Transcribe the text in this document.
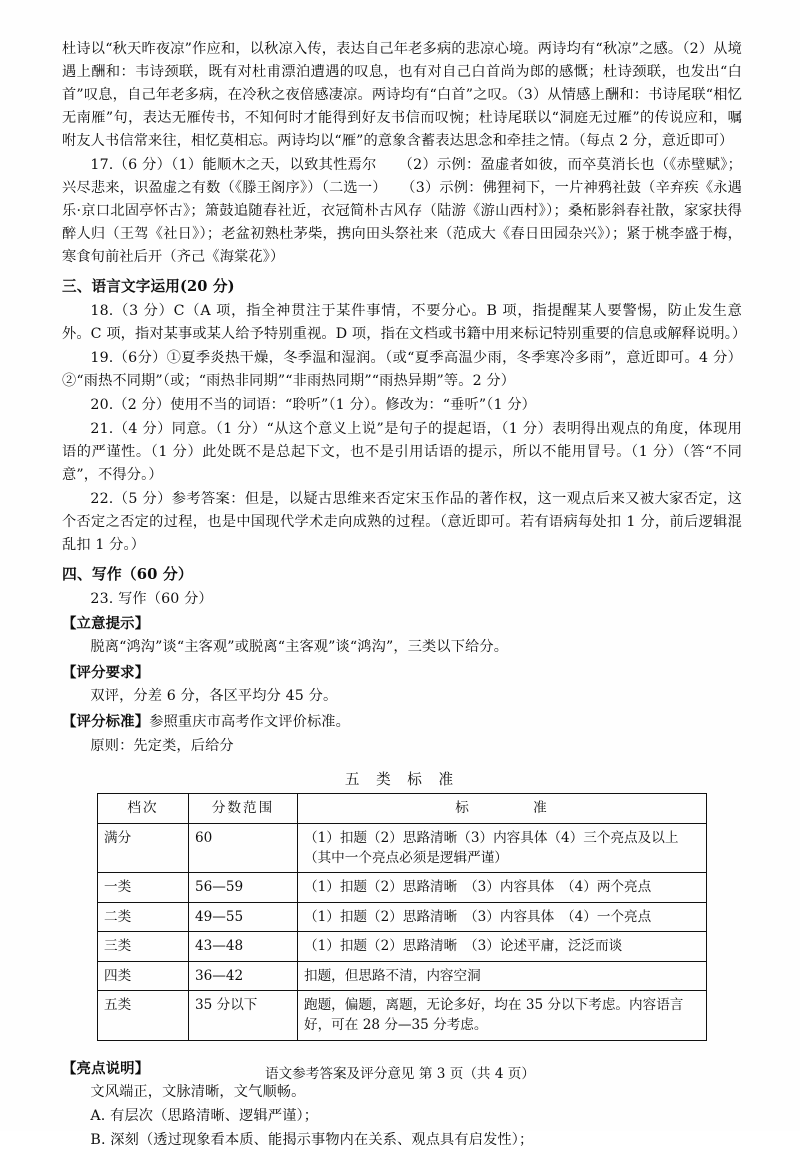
杜诗以“秋天昨夜凉”作应和，以秋凉入传，表达自己年老多病的悲凉心境。两诗均有“秋凉”之感。（2）从境遇上酬和：韦诗颈联，既有对杜甫漂泊遭遇的叹息，也有对自己白首尚为郎的感慨；杜诗颈联，也发出“白首”叹息，自己年老多病，在冷秋之夜倍感凄凉。两诗均有“白首”之叹。（3）从情感上酬和：书诗尾联“相忆无南雁”句，表达无雁传书，不知何时才能得到好友书信而叹惋；杜诗尾联以“洞庭无过雁”的传说应和，嘱咐友人书信常来往，相忆莫相忘。两诗均以“雁”的意象含蓄表达思念和牵挂之情。（每点 2 分，意近即可）

17.（6 分）（1）能顺木之天，以致其性焉尔　　（2）示例：盈虚者如彼，而卒莫消长也（《赤壁赋》；兴尽悲来，识盈虚之有数（《滕王阁序》）（二选一）　　（3）示例：佛狸祠下，一片神鸦社鼓（辛弃疾《永遇乐·京口北固亭怀古》；箫鼓追随春社近，衣冠简朴古风存（陆游《游山西村》）；桑柘影斜春社散，家家扶得醉人归（王驾《社日》）；老盆初熟杜茅柴，携向田头祭社来（范成大《春日田园杂兴》）；紧于桃李盛于梅，寒食旬前社后开（齐己《海棠花》）

三、语言文字运用(20 分)

18.（3 分）C（A 项，指全神贯注于某件事情，不要分心。B 项，指提醒某人要警惕，防止发生意外。C 项，指对某事或某人给予特别重视。D 项，指在文档或书籍中用来标记特别重要的信息或解释说明。）

19.（6分）①夏季炎热干燥，冬季温和湿润。（或“夏季高温少雨，冬季寒冷多雨”，意近即可。4 分）②“雨热不同期”（或；“雨热非同期”“非雨热同期”“雨热异期”等。2 分）

20.（2 分）使用不当的词语：“聆听”（1 分）。修改为：“垂听”（1 分）

21.（4 分）同意。（1 分）“从这个意义上说”是句子的提起语，（1 分）表明得出观点的角度，体现用语的严谨性。（1 分）此处既不是总起下文，也不是引用话语的提示，所以不能用冒号。（1 分）（答“不同意”，不得分。）

22.（5 分）参考答案：但是，以疑古思维来否定宋玉作品的著作权，这一观点后来又被大家否定，这个否定之否定的过程，也是中国现代学术走向成熟的过程。（意近即可。若有语病每处扣 1 分，前后逻辑混乱扣 1 分。）

四、写作（60 分）

23. 写作（60 分）

【立意提示】

脱离“鸿沟”谈“主客观”或脱离“主客观”谈“鸿沟”，三类以下给分。

【评分要求】

双评，分差 6 分，各区平均分 45 分。

【评分标准】参照重庆市高考作文评价标准。

原则：先定类，后给分

五 类 标 准
档次	分数范围	标　　　　准
满分	60	（1）扣题（2）思路清晰（3）内容具体（4）三个亮点及以上（其中一个亮点必须是逻辑严谨）
一类	56—59	（1）扣题（2）思路清晰　（3）内容具体　（4）两个亮点
二类	49—55	（1）扣题（2）思路清晰　（3）内容具体　（4）一个亮点
三类	43—48	（1）扣题（2）思路清晰　（3）论述平庸，泛泛而谈
四类	36—42	扣题，但思路不清，内容空洞
五类	35 分以下	跑题，偏题，离题，无论多好，均在 35 分以下考虑。内容语言好，可在 28 分—35 分考虑。

【亮点说明】

文风端正，文脉清晰，文气顺畅。

A. 有层次（思路清晰、逻辑严谨）；

B. 深刻（透过现象看本质、能揭示事物内在关系、观点具有启发性）；

语文参考答案及评分意见 第 3 页（共 4 页）
